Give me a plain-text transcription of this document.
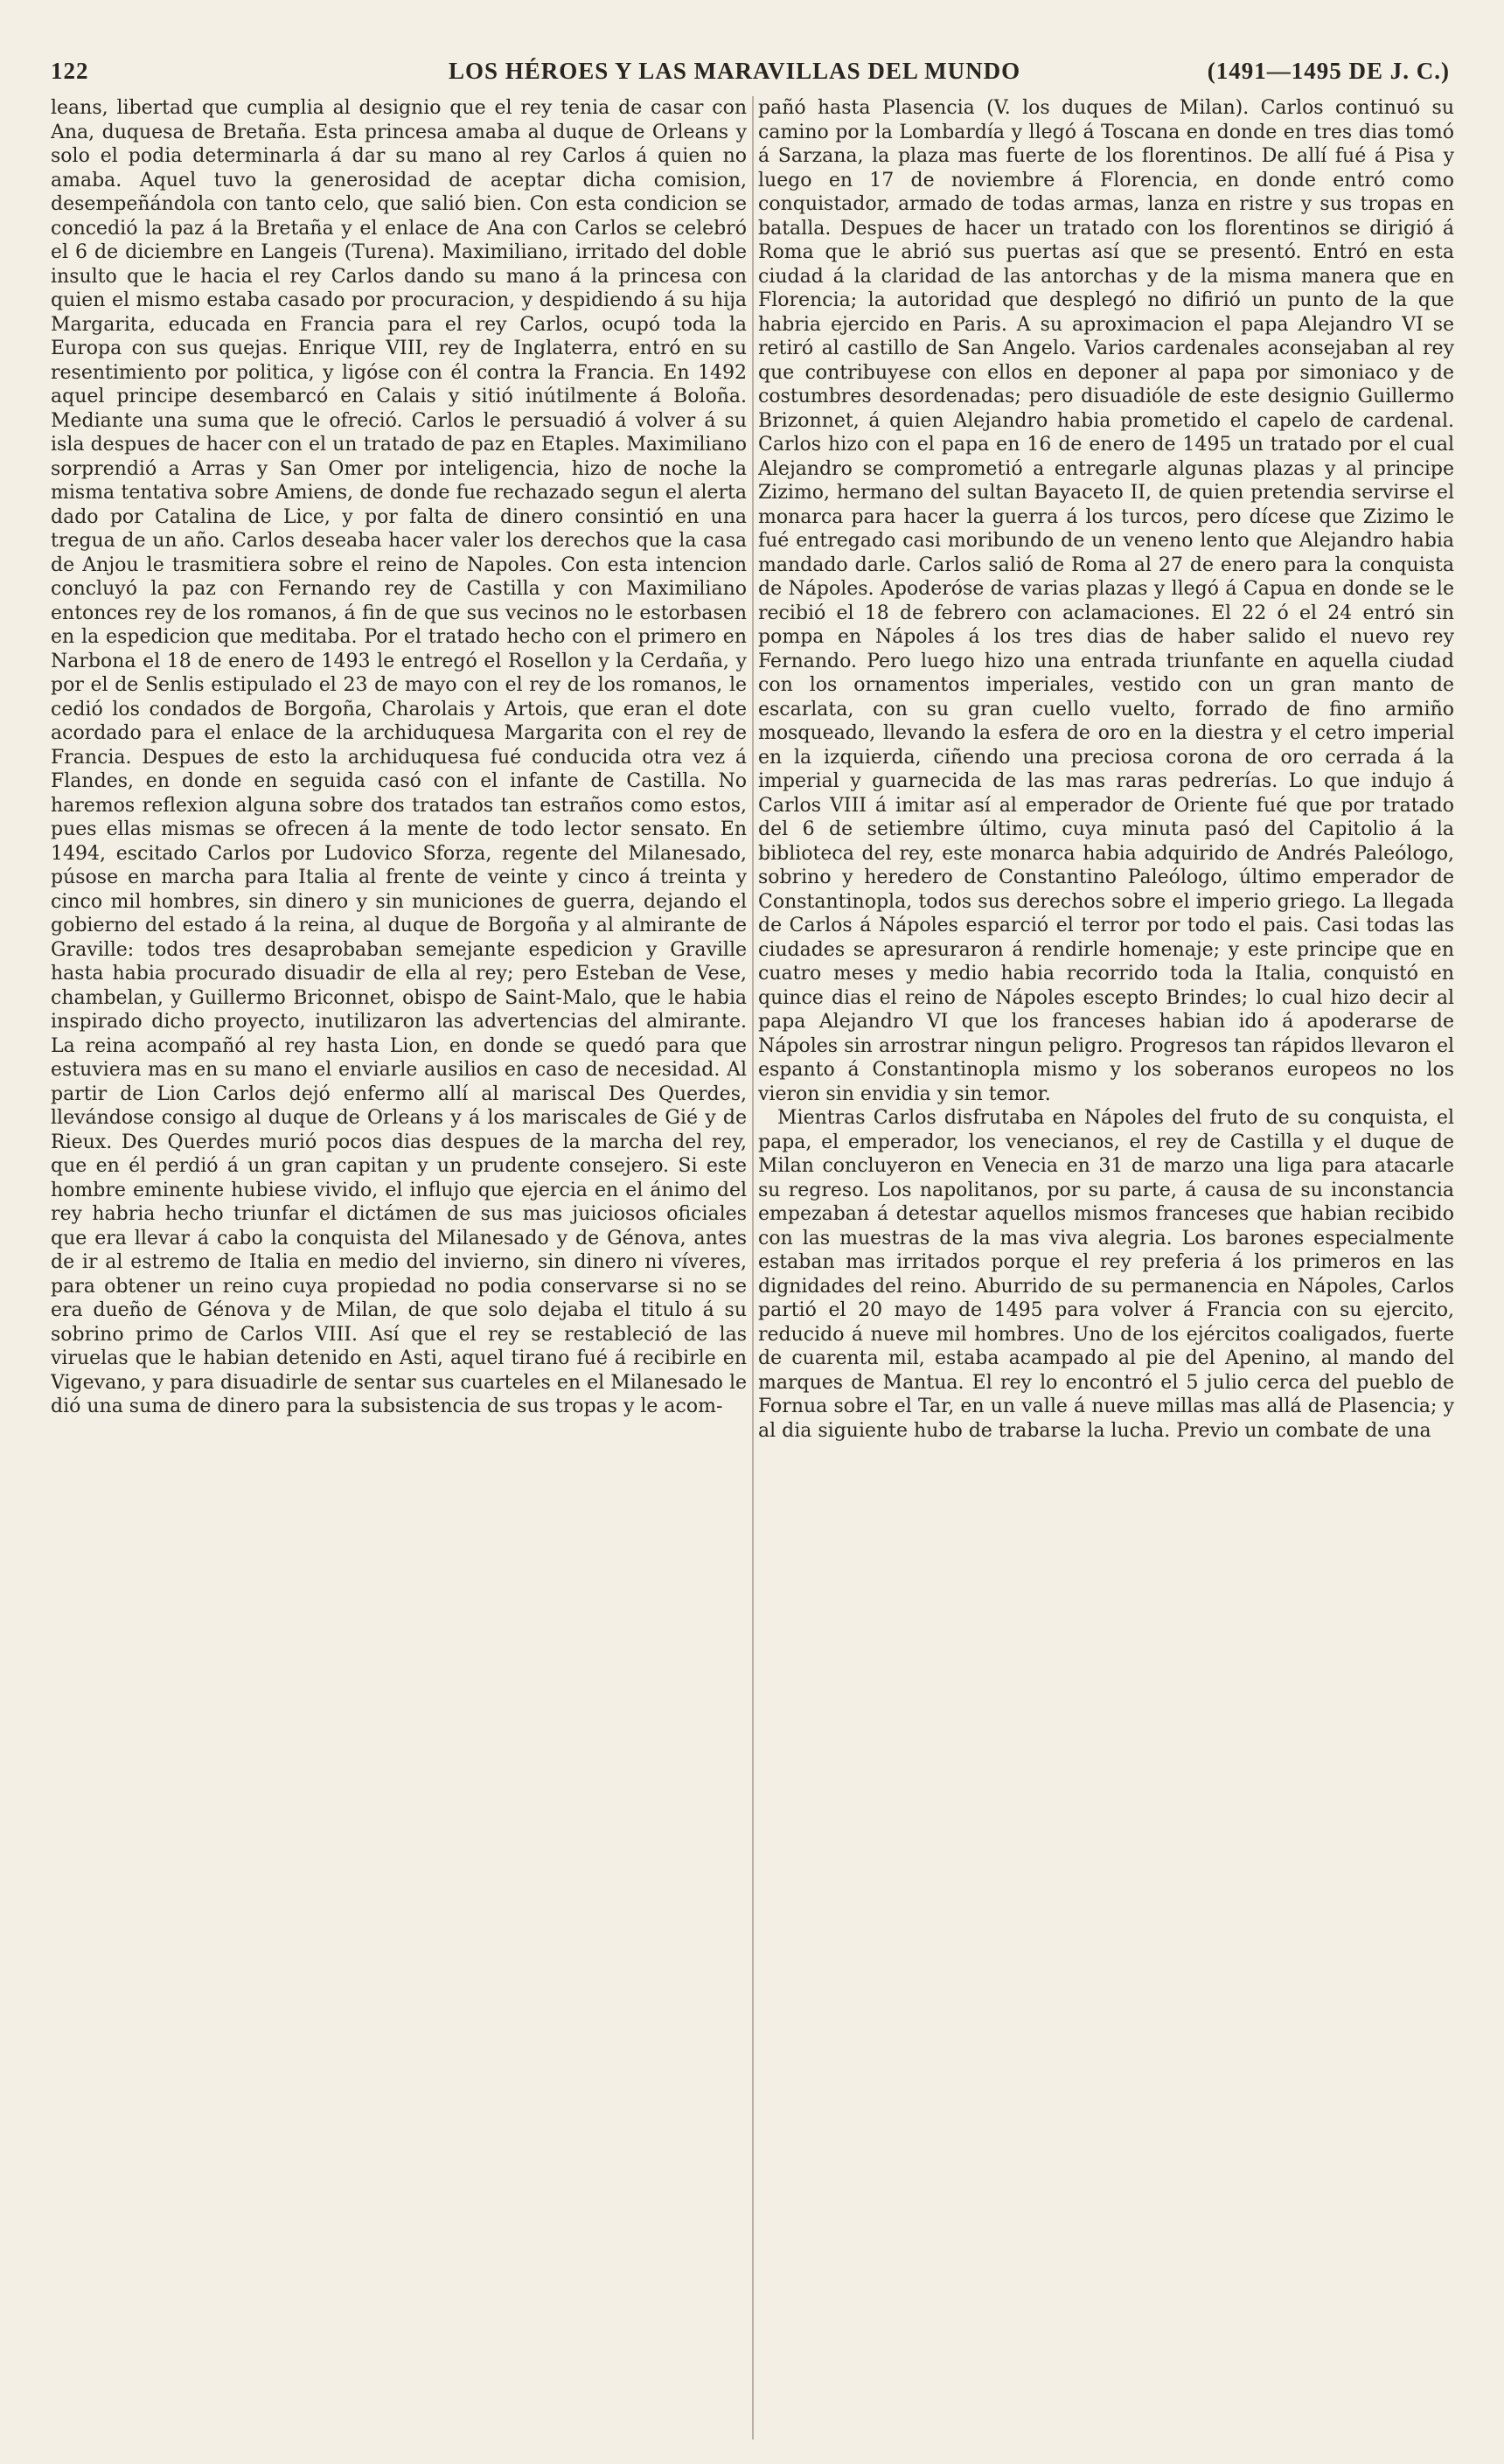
122	LOS HÉROES Y LAS MARAVILLAS DEL MUNDO	(1491—1495 DE J. C.)

leans, libertad que cumplia al designio que el rey tenia de casar con Ana, duquesa de Bretaña. Esta princesa amaba al duque de Orleans y solo el podia determinarla á dar su mano al rey Carlos á quien no amaba. Aquel tuvo la generosidad de aceptar dicha comision, desempeñándola con tanto celo, que salió bien. Con esta condicion se concedió la paz á la Bretaña y el enlace de Ana con Carlos se celebró el 6 de diciembre en Langeis (Turena). Maximiliano, irritado del doble insulto que le hacia el rey Carlos dando su mano á la princesa con quien el mismo estaba casado por procuracion, y despidiendo á su hija Margarita, educada en Francia para el rey Carlos, ocupó toda la Europa con sus quejas. Enrique VIII, rey de Inglaterra, entró en su resentimiento por politica, y ligóse con él contra la Francia. En 1492 aquel principe desembarcó en Calais y sitió inútilmente á Boloña. Mediante una suma que le ofreció. Carlos le persuadió á volver á su isla despues de hacer con el un tratado de paz en Etaples. Maximiliano sorprendió a Arras y San Omer por inteligencia, hizo de noche la misma tentativa sobre Amiens, de donde fue rechazado segun el alerta dado por Catalina de Lice, y por falta de dinero consintió en una tregua de un año. Carlos deseaba hacer valer los derechos que la casa de Anjou le trasmitiera sobre el reino de Napoles. Con esta intencion concluyó la paz con Fernando rey de Castilla y con Maximiliano entonces rey de los romanos, á fin de que sus vecinos no le estorbasen en la espedicion que meditaba. Por el tratado hecho con el primero en Narbona el 18 de enero de 1493 le entregó el Rosellon y la Cerdaña, y por el de Senlis estipulado el 23 de mayo con el rey de los romanos, le cedió los condados de Borgoña, Charolais y Artois, que eran el dote acordado para el enlace de la archiduquesa Margarita con el rey de Francia. Despues de esto la archiduquesa fué conducida otra vez á Flandes, en donde en seguida casó con el infante de Castilla. No haremos reflexion alguna sobre dos tratados tan estraños como estos, pues ellas mismas se ofrecen á la mente de todo lector sensato. En 1494, escitado Carlos por Ludovico Sforza, regente del Milanesado, púsose en marcha para Italia al frente de veinte y cinco á treinta y cinco mil hombres, sin dinero y sin municiones de guerra, dejando el gobierno del estado á la reina, al duque de Borgoña y al almirante de Graville: todos tres desaprobaban semejante espedicion y Graville hasta habia procurado disuadir de ella al rey; pero Esteban de Vese, chambelan, y Guillermo Briconnet, obispo de Saint-Malo, que le habia inspirado dicho proyecto, inutilizaron las advertencias del almirante. La reina acompañó al rey hasta Lion, en donde se quedó para que estuviera mas en su mano el enviarle ausilios en caso de necesidad. Al partir de Lion Carlos dejó enfermo allí al mariscal Des Querdes, llevándose consigo al duque de Orleans y á los mariscales de Gié y de Rieux. Des Querdes murió pocos dias despues de la marcha del rey, que en él perdió á un gran capitan y un prudente consejero. Si este hombre eminente hubiese vivido, el influjo que ejercia en el ánimo del rey habria hecho triunfar el dictámen de sus mas juiciosos oficiales que era llevar á cabo la conquista del Milanesado y de Génova, antes de ir al estremo de Italia en medio del invierno, sin dinero ni víveres, para obtener un reino cuya propiedad no podia conservarse si no se era dueño de Génova y de Milan, de que solo dejaba el titulo á su sobrino primo de Carlos VIII. Así que el rey se restableció de las viruelas que le habian detenido en Asti, aquel tirano fué á recibirle en Vigevano, y para disuadirle de sentar sus cuarteles en el Milanesado le dió una suma de dinero para la subsistencia de sus tropas y le acom-

pañó hasta Plasencia (V. los duques de Milan). Carlos continuó su camino por la Lombardía y llegó á Toscana en donde en tres dias tomó á Sarzana, la plaza mas fuerte de los florentinos. De allí fué á Pisa y luego en 17 de noviembre á Florencia, en donde entró como conquistador, armado de todas armas, lanza en ristre y sus tropas en batalla. Despues de hacer un tratado con los florentinos se dirigió á Roma que le abrió sus puertas así que se presentó. Entró en esta ciudad á la claridad de las antorchas y de la misma manera que en Florencia; la autoridad que desplegó no difirió un punto de la que habria ejercido en Paris. A su aproximacion el papa Alejandro VI se retiró al castillo de San Angelo. Varios cardenales aconsejaban al rey que contribuyese con ellos en deponer al papa por simoniaco y de costumbres desordenadas; pero disuadióle de este designio Guillermo Brizonnet, á quien Alejandro habia prometido el capelo de cardenal. Carlos hizo con el papa en 16 de enero de 1495 un tratado por el cual Alejandro se comprometió a entregarle algunas plazas y al principe Zizimo, hermano del sultan Bayaceto II, de quien pretendia servirse el monarca para hacer la guerra á los turcos, pero dícese que Zizimo le fué entregado casi moribundo de un veneno lento que Alejandro habia mandado darle. Carlos salió de Roma al 27 de enero para la conquista de Nápoles. Apoderóse de varias plazas y llegó á Capua en donde se le recibió el 18 de febrero con aclamaciones. El 22 ó el 24 entró sin pompa en Nápoles á los tres dias de haber salido el nuevo rey Fernando. Pero luego hizo una entrada triunfante en aquella ciudad con los ornamentos imperiales, vestido con un gran manto de escarlata, con su gran cuello vuelto, forrado de fino armiño mosqueado, llevando la esfera de oro en la diestra y el cetro imperial en la izquierda, ciñendo una preciosa corona de oro cerrada á la imperial y guarnecida de las mas raras pedrerías. Lo que indujo á Carlos VIII á imitar así al emperador de Oriente fué que por tratado del 6 de setiembre último, cuya minuta pasó del Capitolio á la biblioteca del rey, este monarca habia adquirido de Andrés Paleólogo, sobrino y heredero de Constantino Paleólogo, último emperador de Constantinopla, todos sus derechos sobre el imperio griego. La llegada de Carlos á Nápoles esparció el terror por todo el pais. Casi todas las ciudades se apresuraron á rendirle homenaje; y este principe que en cuatro meses y medio habia recorrido toda la Italia, conquistó en quince dias el reino de Nápoles escepto Brindes; lo cual hizo decir al papa Alejandro VI que los franceses habian ido á apoderarse de Nápoles sin arrostrar ningun peligro. Progresos tan rápidos llevaron el espanto á Constantinopla mismo y los soberanos europeos no los vieron sin envidia y sin temor.

Mientras Carlos disfrutaba en Nápoles del fruto de su conquista, el papa, el emperador, los venecianos, el rey de Castilla y el duque de Milan concluyeron en Venecia en 31 de marzo una liga para atacarle su regreso. Los napolitanos, por su parte, á causa de su inconstancia empezaban á detestar aquellos mismos franceses que habian recibido con las muestras de la mas viva alegria. Los barones especialmente estaban mas irritados porque el rey preferia á los primeros en las dignidades del reino. Aburrido de su permanencia en Nápoles, Carlos partió el 20 mayo de 1495 para volver á Francia con su ejercito, reducido á nueve mil hombres. Uno de los ejércitos coaligados, fuerte de cuarenta mil, estaba acampado al pie del Apenino, al mando del marques de Mantua. El rey lo encontró el 5 julio cerca del pueblo de Fornua sobre el Tar, en un valle á nueve millas mas allá de Plasencia; y al dia siguiente hubo de trabarse la lucha. Previo un combate de una
